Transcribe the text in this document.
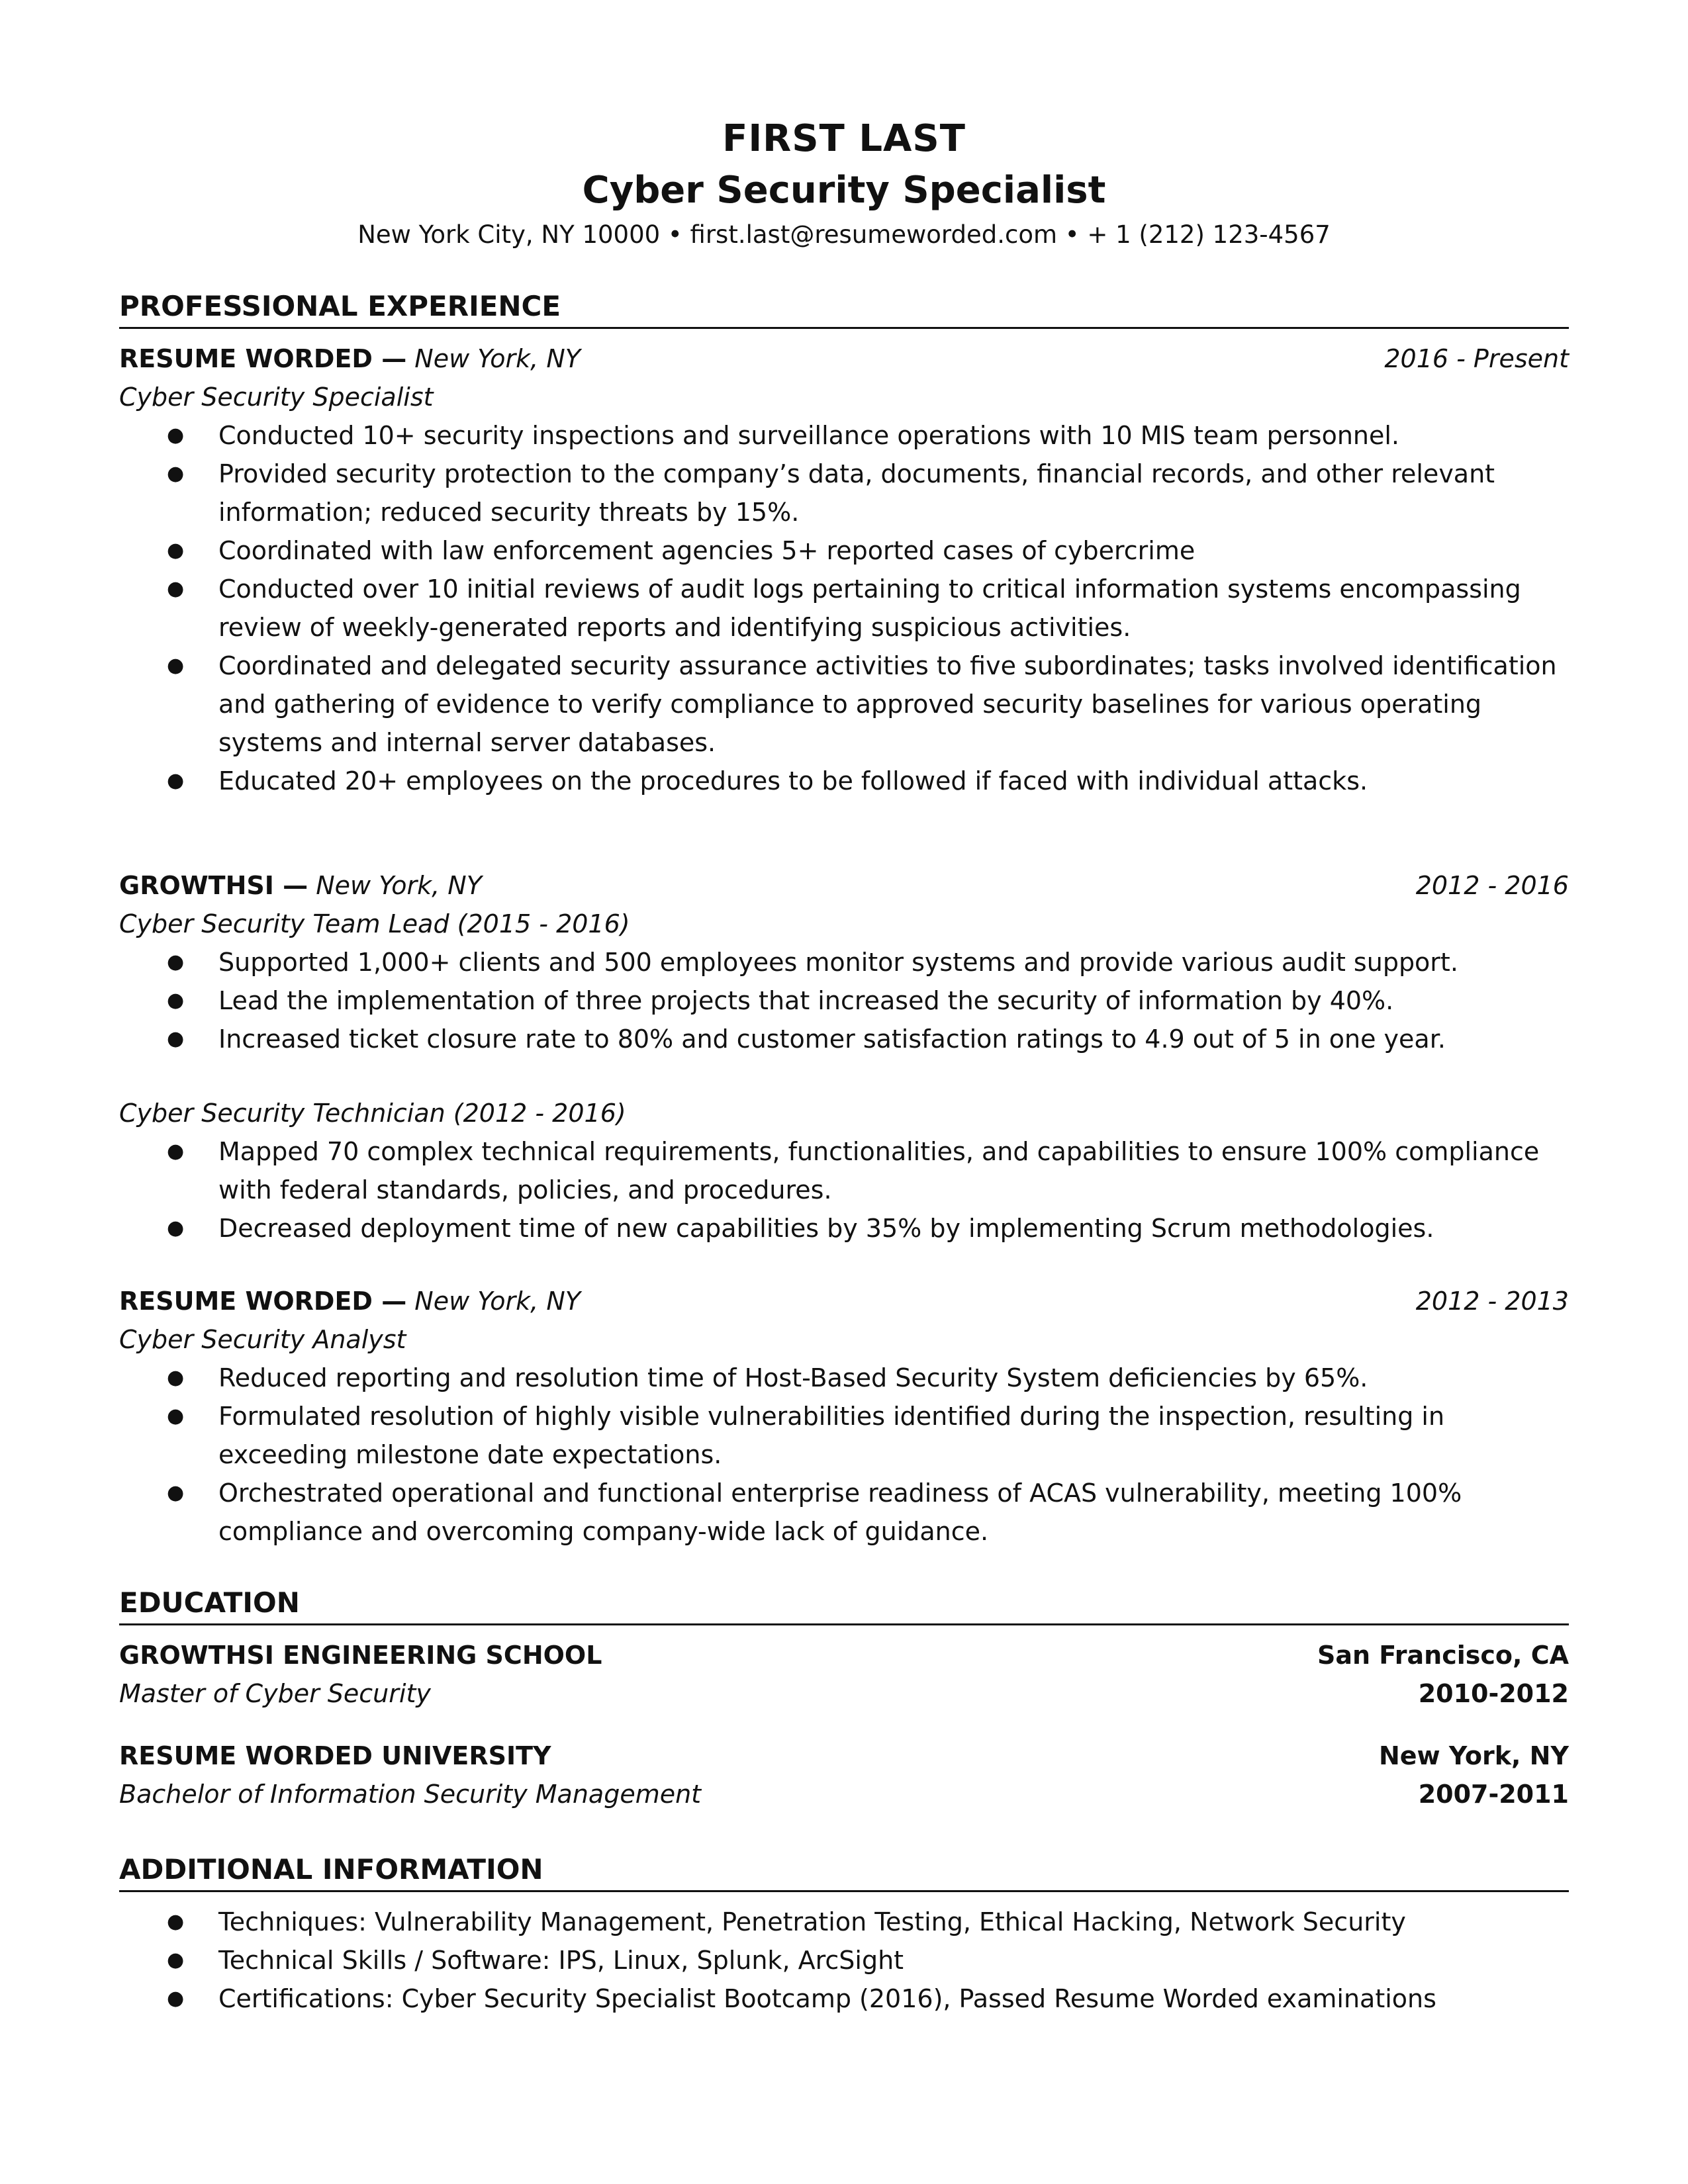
FIRST LAST
Cyber Security Specialist
New York City, NY 10000 • first.last@resumeworded.com • + 1 (212) 123-4567
PROFESSIONAL EXPERIENCE
RESUME WORDED — New York, NY	2016 - Present
Cyber Security Specialist
● Conducted 10+ security inspections and surveillance operations with 10 MIS team personnel.
● Provided security protection to the company’s data, documents, financial records, and other relevant information; reduced security threats by 15%.
● Coordinated with law enforcement agencies 5+ reported cases of cybercrime
● Conducted over 10 initial reviews of audit logs pertaining to critical information systems encompassing review of weekly-generated reports and identifying suspicious activities.
● Coordinated and delegated security assurance activities to five subordinates; tasks involved identification and gathering of evidence to verify compliance to approved security baselines for various operating systems and internal server databases.
● Educated 20+ employees on the procedures to be followed if faced with individual attacks.
GROWTHSI — New York, NY	2012 - 2016
Cyber Security Team Lead (2015 - 2016)
● Supported 1,000+ clients and 500 employees monitor systems and provide various audit support.
● Lead the implementation of three projects that increased the security of information by 40%.
● Increased ticket closure rate to 80% and customer satisfaction ratings to 4.9 out of 5 in one year.
Cyber Security Technician (2012 - 2016)
● Mapped 70 complex technical requirements, functionalities, and capabilities to ensure 100% compliance with federal standards, policies, and procedures.
● Decreased deployment time of new capabilities by 35% by implementing Scrum methodologies.
RESUME WORDED — New York, NY	2012 - 2013
Cyber Security Analyst
● Reduced reporting and resolution time of Host-Based Security System deficiencies by 65%.
● Formulated resolution of highly visible vulnerabilities identified during the inspection, resulting in exceeding milestone date expectations.
● Orchestrated operational and functional enterprise readiness of ACAS vulnerability, meeting 100% compliance and overcoming company-wide lack of guidance.
EDUCATION
GROWTHSI ENGINEERING SCHOOL	San Francisco, CA
Master of Cyber Security	2010-2012
RESUME WORDED UNIVERSITY	New York, NY
Bachelor of Information Security Management	2007-2011
ADDITIONAL INFORMATION
● Techniques: Vulnerability Management, Penetration Testing, Ethical Hacking, Network Security
● Technical Skills / Software: IPS, Linux, Splunk, ArcSight
● Certifications: Cyber Security Specialist Bootcamp (2016), Passed Resume Worded examinations
